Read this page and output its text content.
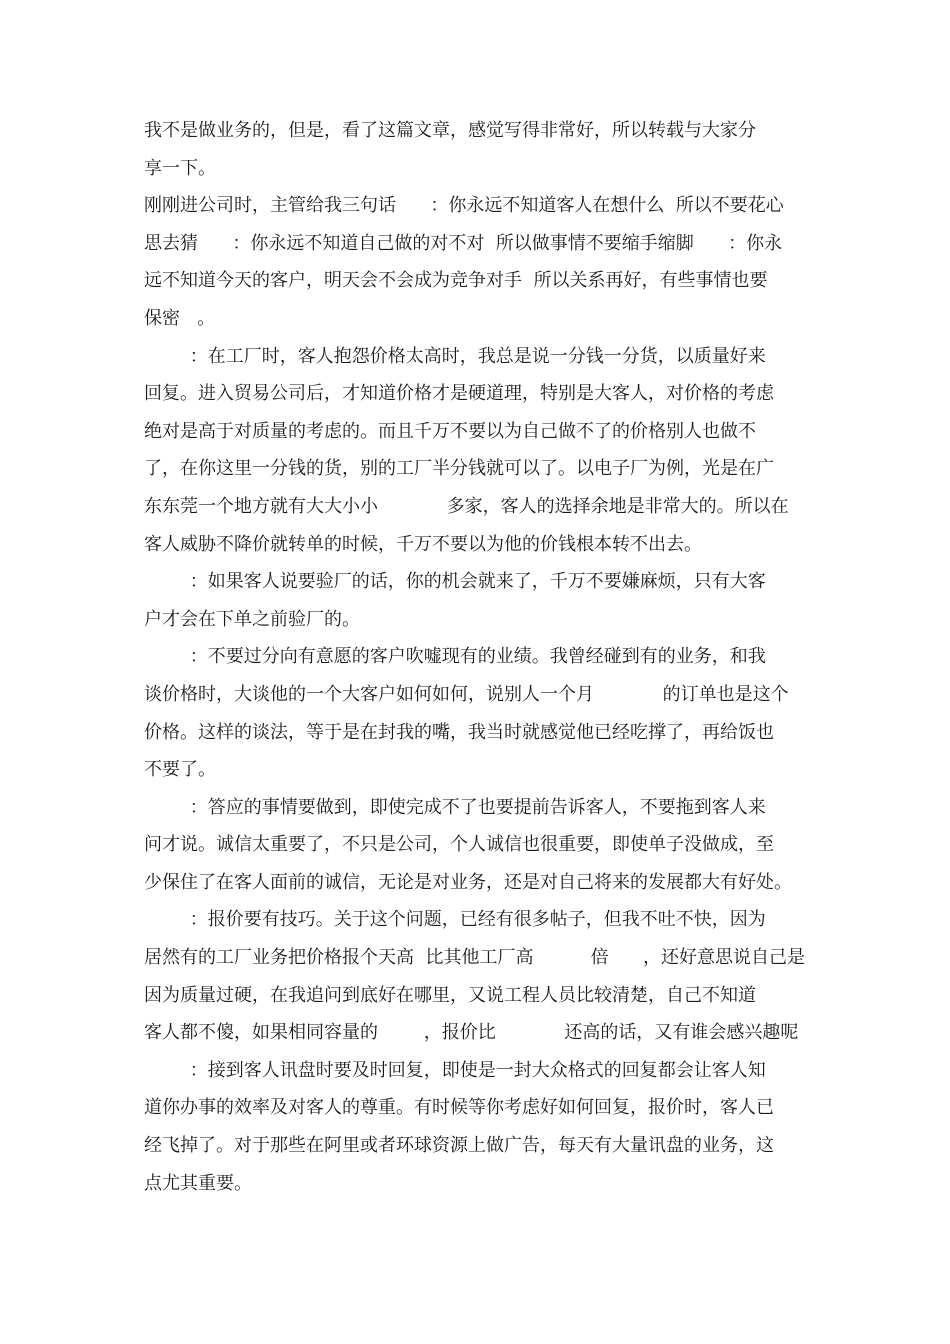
我不是做业务的，但是，看了这篇文章，感觉写得非常好，所以转载与大家分
享一下。
刚刚进公司时，主管给我三句话      ：你永远不知道客人在想什么  所以不要花心
思去猜      ：你永远不知道自己做的对不对  所以做事情不要缩手缩脚      ：你永
远不知道今天的客户，明天会不会成为竞争对手  所以关系再好，有些事情也要
保密   。
：在工厂时，客人抱怨价格太高时，我总是说一分钱一分货，以质量好来
回复。进入贸易公司后，才知道价格才是硬道理，特别是大客人，对价格的考虑
绝对是高于对质量的考虑的。而且千万不要以为自己做不了的价格别人也做不
了，在你这里一分钱的货，别的工厂半分钱就可以了。以电子厂为例，光是在广
东东莞一个地方就有大大小小            多家，客人的选择余地是非常大的。所以在
客人威胁不降价就转单的时候，千万不要以为他的价钱根本转不出去。
：如果客人说要验厂的话，你的机会就来了，千万不要嫌麻烦，只有大客
户才会在下单之前验厂的。
：不要过分向有意愿的客户吹嘘现有的业绩。我曾经碰到有的业务，和我
谈价格时，大谈他的一个大客户如何如何，说别人一个月            的订单也是这个
价格。这样的谈法，等于是在封我的嘴，我当时就感觉他已经吃撑了，再给饭也
不要了。
：答应的事情要做到，即使完成不了也要提前告诉客人，不要拖到客人来
问才说。诚信太重要了，不只是公司，个人诚信也很重要，即使单子没做成，至
少保住了在客人面前的诚信，无论是对业务，还是对自己将来的发展都大有好处。
：报价要有技巧。关于这个问题，已经有很多帖子，但我不吐不快，因为
居然有的工厂业务把价格报个天高  比其他工厂高          倍      ，还好意思说自己是
因为质量过硬，在我追问到底好在哪里，又说工程人员比较清楚，自己不知道
客人都不傻，如果相同容量的        ，报价比            还高的话，又有谁会感兴趣呢
：接到客人讯盘时要及时回复，即使是一封大众格式的回复都会让客人知
道你办事的效率及对客人的尊重。有时候等你考虑好如何回复，报价时，客人已
经飞掉了。对于那些在阿里或者环球资源上做广告，每天有大量讯盘的业务，这
点尤其重要。
